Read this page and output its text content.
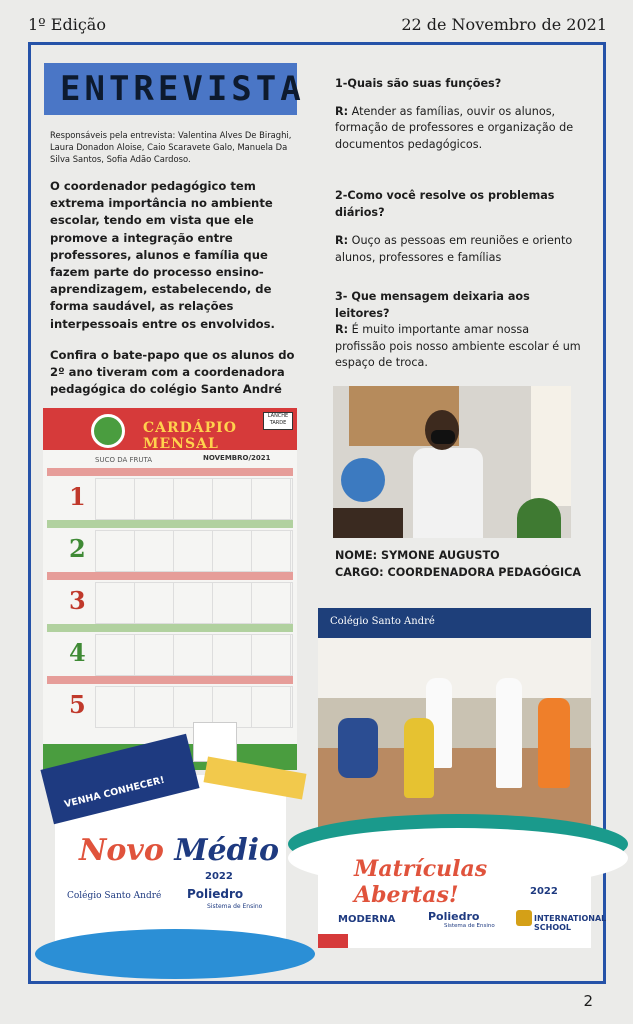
1º Edição	22 de Novembro de 2021
ENTREVISTA
Responsáveis pela entrevista: Valentina Alves De Biraghi, Laura Donadon Aloise, Caio Scaravete Galo, Manuela Da Silva Santos, Sofia Adão Cardoso.
O coordenador pedagógico tem extrema importância no ambiente escolar, tendo em vista que ele promove a integração entre professores, alunos e família que fazem parte do processo ensino-aprendizagem, estabelecendo, de forma saudável, as relações interpessoais entre os envolvidos.
Confira o bate-papo que os alunos do 2º ano tiveram com a coordenadora pedagógica do colégio Santo André
1-Quais são suas funções?
R: Atender as famílias, ouvir os alunos, formação de professores e organização de documentos pedagógicos.
2-Como você resolve os problemas diários?
R: Ouço as pessoas em reuniões e oriento alunos, professores e famílias
3- Que mensagem deixaria aos leitores?
R: É muito importante amar nossa profissão pois nosso ambiente escolar é um espaço de troca.
CARDÁPIO MENSAL
LANCHE TARDE
SUCO DA FRUTA	NOVEMBRO/2021
1
2
3
4
5
NOME: SYMONE AUGUSTO
CARGO: COORDENADORA PEDAGÓGICA
VENHA CONHECER!
Novo Médio
2022
Colégio Santo André Poliedro
Sistema de Ensino
Colégio Santo André
Matrículas Abertas!	2022
MODERNA	Poliedro
Sistema de Ensino
INTERNATIONAL SCHOOL
2
